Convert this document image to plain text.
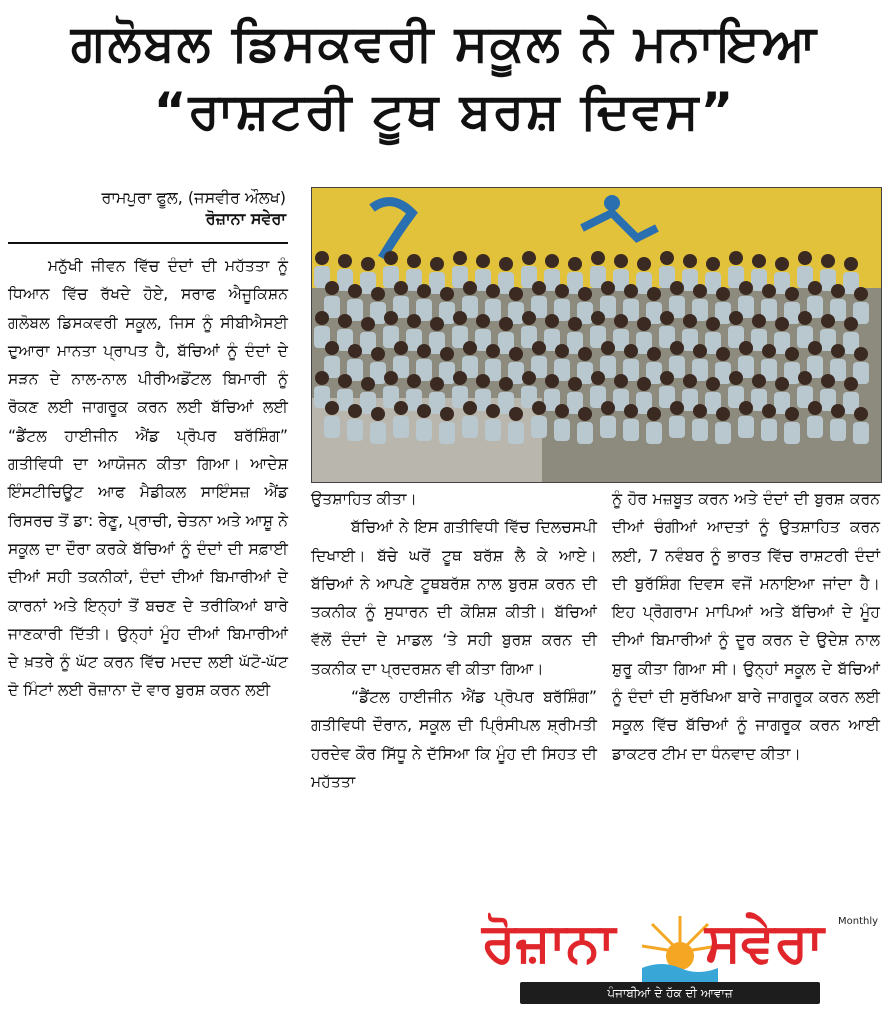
ਗਲੋਬਲ ਡਿਸਕਵਰੀ ਸਕੂਲ ਨੇ ਮਨਾਇਆ
“ਰਾਸ਼ਟਰੀ ਟੂਥ ਬਰਸ਼ ਦਿਵਸ”
ਰਾਮਪੁਰਾ ਫੂਲ, (ਜਸਵੀਰ ਔਲਖ)
ਰੋਜ਼ਾਨਾ ਸਵੇਰਾ

ਮਨੁੱਖੀ ਜੀਵਨ ਵਿੱਚ ਦੰਦਾਂ ਦੀ ਮਹੱਤਤਾ ਨੂੰ ਧਿਆਨ ਵਿੱਚ ਰੱਖਦੇ ਹੋਏ, ਸਰਾਫ ਐਜੂਕਿਸ਼ਨ ਗਲੋਬਲ ਡਿਸਕਵਰੀ ਸਕੂਲ, ਜਿਸ ਨੂੰ ਸੀਬੀਐਸਈ ਦੁਆਰਾ ਮਾਨਤਾ ਪ੍ਰਾਪਤ ਹੈ, ਬੱਚਿਆਂ ਨੂੰ ਦੰਦਾਂ ਦੇ ਸੜਨ ਦੇ ਨਾਲ-ਨਾਲ ਪੀਰੀਅਡੋਂਟਲ ਬਿਮਾਰੀ ਨੂੰ ਰੋਕਣ ਲਈ ਜਾਗਰੂਕ ਕਰਨ ਲਈ ਬੱਚਿਆਂ ਲਈ “ਡੈਂਟਲ ਹਾਈਜੀਨ ਐਂਡ ਪ੍ਰੋਪਰ ਬਰੱਸ਼ਿੰਗ” ਗਤੀਵਿਧੀ ਦਾ ਆਯੋਜਨ ਕੀਤਾ ਗਿਆ। ਆਦੇਸ਼ ਇੰਸਟੀਚਿਊਟ ਆਫ ਮੈਡੀਕਲ ਸਾਇੰਸਜ਼ ਐਂਡ ਰਿਸਰਚ ਤੋਂ ਡਾ: ਰੇਣੂ, ਪ੍ਰਾਚੀ, ਚੇਤਨਾ ਅਤੇ ਆਸ਼ੂ ਨੇ ਸਕੂਲ ਦਾ ਦੌਰਾ ਕਰਕੇ ਬੱਚਿਆਂ ਨੂੰ ਦੰਦਾਂ ਦੀ ਸਫ਼ਾਈ ਦੀਆਂ ਸਹੀ ਤਕਨੀਕਾਂ, ਦੰਦਾਂ ਦੀਆਂ ਬਿਮਾਰੀਆਂ ਦੇ ਕਾਰਨਾਂ ਅਤੇ ਇਨ੍ਹਾਂ ਤੋਂ ਬਚਣ ਦੇ ਤਰੀਕਿਆਂ ਬਾਰੇ ਜਾਣਕਾਰੀ ਦਿੱਤੀ। ਉਨ੍ਹਾਂ ਮੂੰਹ ਦੀਆਂ ਬਿਮਾਰੀਆਂ ਦੇ ਖ਼ਤਰੇ ਨੂੰ ਘੱਟ ਕਰਨ ਵਿੱਚ ਮਦਦ ਲਈ ਘੱਟੋ-ਘੱਟ ਦੋ ਮਿੰਟਾਂ ਲਈ ਰੋਜ਼ਾਨਾ ਦੋ ਵਾਰ ਬੁਰਸ਼ ਕਰਨ ਲਈ

ਉਤਸ਼ਾਹਿਤ ਕੀਤਾ।

ਬੱਚਿਆਂ ਨੇ ਇਸ ਗਤੀਵਿਧੀ ਵਿੱਚ ਦਿਲਚਸਪੀ ਦਿਖਾਈ। ਬੱਚੇ ਘਰੋਂ ਟੂਥ ਬਰੱਸ਼ ਲੈ ਕੇ ਆਏ। ਬੱਚਿਆਂ ਨੇ ਆਪਣੇ ਟੂਥਬਰੱਸ਼ ਨਾਲ ਬੁਰਸ਼ ਕਰਨ ਦੀ ਤਕਨੀਕ ਨੂੰ ਸੁਧਾਰਨ ਦੀ ਕੋਸ਼ਿਸ਼ ਕੀਤੀ। ਬੱਚਿਆਂ ਵੱਲੋਂ ਦੰਦਾਂ ਦੇ ਮਾਡਲ ‘ਤੇ ਸਹੀ ਬੁਰਸ਼ ਕਰਨ ਦੀ ਤਕਨੀਕ ਦਾ ਪ੍ਰਦਰਸ਼ਨ ਵੀ ਕੀਤਾ ਗਿਆ।

“ਡੈਂਟਲ ਹਾਈਜੀਨ ਐਂਡ ਪ੍ਰੋਪਰ ਬਰੱਸ਼ਿੰਗ” ਗਤੀਵਿਧੀ ਦੌਰਾਨ, ਸਕੂਲ ਦੀ ਪ੍ਰਿੰਸੀਪਲ ਸ਼੍ਰੀਮਤੀ ਹਰਦੇਵ ਕੌਰ ਸਿੱਧੂ ਨੇ ਦੱਸਿਆ ਕਿ ਮੂੰਹ ਦੀ ਸਿਹਤ ਦੀ ਮਹੱਤਤਾ

ਨੂੰ ਹੋਰ ਮਜ਼ਬੂਤ ਕਰਨ ਅਤੇ ਦੰਦਾਂ ਦੀ ਬੁਰਸ਼ ਕਰਨ ਦੀਆਂ ਚੰਗੀਆਂ ਆਦਤਾਂ ਨੂੰ ਉਤਸ਼ਾਹਿਤ ਕਰਨ ਲਈ, 7 ਨਵੰਬਰ ਨੂੰ ਭਾਰਤ ਵਿੱਚ ਰਾਸ਼ਟਰੀ ਦੰਦਾਂ ਦੀ ਬੁਰੱਸ਼ਿੰਗ ਦਿਵਸ ਵਜੋਂ ਮਨਾਇਆ ਜਾਂਦਾ ਹੈ। ਇਹ ਪ੍ਰੋਗਰਾਮ ਮਾਪਿਆਂ ਅਤੇ ਬੱਚਿਆਂ ਦੇ ਮੂੰਹ ਦੀਆਂ ਬਿਮਾਰੀਆਂ ਨੂੰ ਦੂਰ ਕਰਨ ਦੇ ਉਦੇਸ਼ ਨਾਲ ਸ਼ੁਰੂ ਕੀਤਾ ਗਿਆ ਸੀ। ਉਨ੍ਹਾਂ ਸਕੂਲ ਦੇ ਬੱਚਿਆਂ ਨੂੰ ਦੰਦਾਂ ਦੀ ਸੁਰੱਖਿਆ ਬਾਰੇ ਜਾਗਰੂਕ ਕਰਨ ਲਈ ਸਕੂਲ ਵਿੱਚ ਬੱਚਿਆਂ ਨੂੰ ਜਾਗਰੂਕ ਕਰਨ ਆਈ ਡਾਕਟਰ ਟੀਮ ਦਾ ਧੰਨਵਾਦ ਕੀਤਾ।

ਰੋਜ਼ਾਨਾ ਸਵੇਰਾ Monthly
ਪੰਜਾਬੀਆਂ ਦੇ ਹੱਕ ਦੀ ਆਵਾਜ਼
